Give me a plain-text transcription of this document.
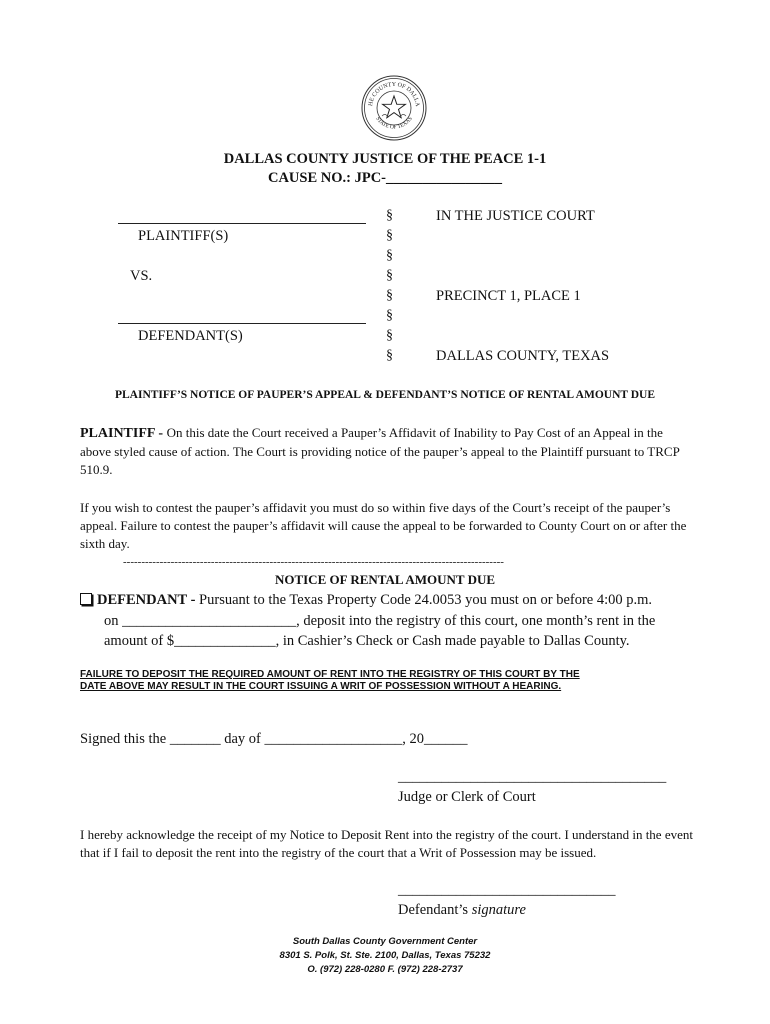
HE COUNTY OF DALLA
STATE OF TEXAS
DALLAS COUNTY JUSTICE OF THE PEACE 1-1
CAUSE NO.: JPC-________________
PLAINTIFF(S)
VS.
DEFENDANT(S)
§
§
§
§
§
§
§
§
IN THE JUSTICE COURT
PRECINCT 1, PLACE 1
DALLAS COUNTY, TEXAS
PLAINTIFF’S NOTICE OF PAUPER’S APPEAL & DEFENDANT’S NOTICE OF RENTAL AMOUNT DUE
PLAINTIFF - On this date the Court received a Pauper’s Affidavit of Inability to Pay Cost of an Appeal in the above styled cause of action. The Court is providing notice of the pauper’s appeal to the Plaintiff pursuant to TRCP 510.9.
If you wish to contest the pauper’s affidavit you must do so within five days of the Court’s receipt of the pauper’s appeal. Failure to contest the pauper’s affidavit will cause the appeal to be forwarded to County Court on or after the sixth day.
--------------------------------------------------------------------------------------------------------
NOTICE OF RENTAL AMOUNT DUE
DEFENDANT - Pursuant to the Texas Property Code 24.0053 you must on or before 4:00 p.m.
on ________________________, deposit into the registry of this court, one month’s rent in the
amount of $______________, in Cashier’s Check or Cash made payable to Dallas County.
FAILURE TO DEPOSIT THE REQUIRED AMOUNT OF RENT INTO THE REGISTRY OF THIS COURT BY THE
DATE ABOVE MAY RESULT IN THE COURT ISSUING A WRIT OF POSSESSION WITHOUT A HEARING.
Signed this the _______ day of ___________________, 20______
_____________________________________
Judge or Clerk of Court
I hereby acknowledge the receipt of my Notice to Deposit Rent into the registry of the court. I understand in the event that if I fail to deposit the rent into the registry of the court that a Writ of Possession may be issued.
______________________________
Defendant’s signature
South Dallas County Government Center
8301 S. Polk, St. Ste. 2100, Dallas, Texas 75232
O. (972) 228-0280 F. (972) 228-2737
